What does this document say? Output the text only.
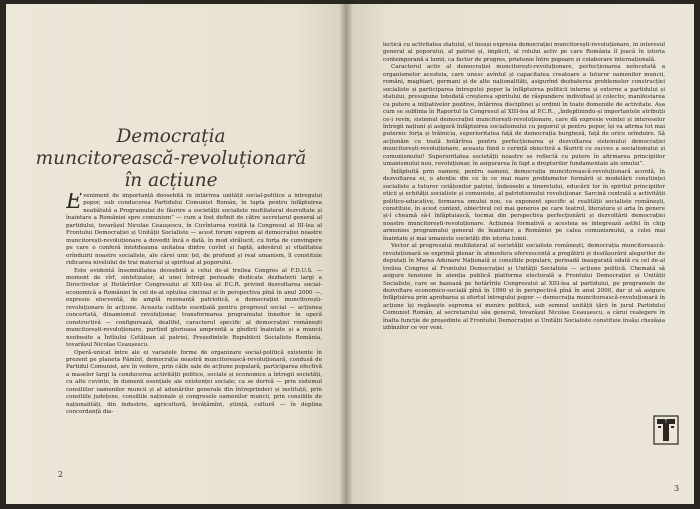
Democrația
muncitorească-revoluționară
în acțiune

Eveniment de importanță deosebită în întărirea unității social-politice a întregului popor, sub conducerea Partidului Comunist Român, în lupta pentru înfăptuirea neabătută a Programului de făurire a societății socialiste multilateral dezvoltate și înaintare a României spre comunism” — cum a fost definit de către secretarul general al partidului, tovarășul Nicolae Ceaușescu, în Cuvîntarea rostită la Congresul al III-lea al Frontului Democrației și Unității Socialiste — acest forum suprem al democrației noastre muncitorești-revoluționare a dovedit încă o dată, în mod strălucit, cu forța de convingere pe care o conferă întotdeauna unitatea dintre cuvînt și faptă, adevărul și vitalitatea orînduirii noastre socialiste, ale cărei unic țel, de profund și real umanism, îl constituie ridicarea nivelului de trai material și spiritual al poporului.

Este evidentă însemnătatea deosebită a celui de-al treilea Congres al F.D.U.S. — moment de vîrf, sintetizator, al unei întregi perioade dedicate dezbaterii largi a Directivelor și Hotărîrilor Congresului al XIII-lea al P.C.R. privind dezvoltarea social-economică a României în cel de-al optulea cincinal și în perspectiva pînă în anul 2000 —, expresie elocventă, de amplă rezonanță patriotică, a democrației muncitorești-revoluționare în acțiune. Aceasta calitate esențială pentru progresul social — acțiunea concertată, dinamismul revoluționar, transformarea programului înnoitor în operă constructivă — configurează, dealtfel, caracterul specific al democrației românești muncitorești-revoluționare, purtînd glorioasa amprentă a gîndirii înaintate și a muncii neobosite a Întîiului Cetățean al patriei, Președintele Republicii Socialiste România, tovarășul Nicolae Ceaușescu.

Operă-unicat între ale ei variatele forme de organizare social-politică existente în prezent pe planeta Pămînt, democrația noastră muncitorească-revoluționară, condusă de Partidul Comunist, are în vedere, prin căile sale de acțiune populară, participarea efectivă a maselor largi la conducerea activității politice, sociale și economice a întregii societăți, cu alte cuvinte, în domenii esențiale ale existenței sociale; ca se derivă — prin sistemul consiliilor oamenilor muncii și al adunărilor generale din întreprinderi și instituții, prin consiliile județene, consiliile naționale și congresele oamenilor muncii, prin consiliile de naționalități, din industrie, agricultură, învățămînt, știință, cultură — în deplina concordanță dia-

2

lectică cu activitatea statului, el însuși expresia democrației muncitorești-revoluționare, în interesul general al poporului, al patriei și, implicit, al rolului activ pe care România îl joacă în istoria contemporană a lumii, ca factor de progres, prietenie între popoare și colaborare internațională.

Caracterul activ al democrației muncitorești-revoluționare, perfecționarea neîncetată a organismelor acesteia, care unesc avîntul și capacitatea creatoare a tuturor oamenilor muncii, români, maghiari, germani și de alte naționalități, asigurînd dezbaterea problemelor construcției socialiste și participarea întregului popor la înfăptuirea politicii interne și externe a partidului și statului, presupune totodată creșterea spiritului de răspundere individual și colectiv, manifestarea cu putere a inițiativelor pozitive, întărirea disciplinei și ordinii în toate domeniile de activitate. Așa cum se sublinia în Raportul la Congresul al XIII-lea al P.C.R., „îndeplinindu-și importantele atribuții ce-i revin, sistemul democrației muncitorești-revoluționare, care dă expresie voinței și intereselor întregii națiuni și asigură înfăptuirea socialismului cu poporul și pentru popor, își va afirma tot mai puternic forța și trăinicia, superioritatea față de democrația burgheză, față de orice orînduire. Să acționăm cu toată hotărîrea pentru perfecționarea și dezvoltarea sistemului democrației muncitorești-revoluționare, aceasta fiind o cerință obiectivă a făuririi cu succes a socialismului și comunismului! Superioritatea societății noastre se reflectă cu putere în afirmarea principiilor umanismului nou, revoluționar, în asigurarea în fapt a drepturilor fundamentale ale omului”.

Înfăptuită prin oameni, pentru oameni, democrația muncitorească-revoluționară acordă, în dezvoltarea ei, o atenție din ce în ce mai mare problemelor formării și modelării conștiinței socialiste a tuturor cetățenilor patriei, îndeosebi a tineretului, educării lor în spiritul principiilor eticii și echității socialiste și comuniste, al patriotismului revoluționar. Sarcină centrală a activității politico-educative, formarea omului nou, ca exponent specific al realității socialiste românești, constituie, în acest context, obiectivul cel mai generos pe care teatrul, literatura și arta în genere și-l cheamă să-l înfăptuiască, tocmai din perspectiva perfecționării și dezvoltării democrației noastre muncitorești-revoluționare. Acțiunea formativă a acesteia se integrează astfel în chip armonios programului general de înaintare a României pe calea comunismului, a celei mai înaintate și mai umaniste societăți din istoria lumii.

Vector al progresului multilateral al societății socialiste românești, democrația muncitorească-revoluționară se exprimă plenar în atmosfera efervescentă a pregătirii și desfășurării alegerilor de deputați în Marea Adunare Națională și consiliile populare, perioadă inaugurată odată cu cel de-al treilea Congres al Frontului Democrației și Unității Socialiste — acțiune politică. Chemată să asigure tensiune în atenția publică platforma electorală a Frontului Democrației și Unității Socialiste, care se bazează pe hotărîrile Congresului al XIII-lea al partidului, pe programele de dezvoltare economico-socială pînă în 1990 și în perspectivă pînă în anul 2000, dar și să asigure înfăptuirea prin aprobarea și efortul întregului popor — democrația muncitorească-revoluționară în acțiune își regăsește suprema ei menire politică, sub semnul unității țării în jurul Partidului Comunist Român, al secretarului său general, tovarășul Nicolae Ceaușescu, a cărui realegere în înalta funcție de președinte al Frontului Democrației și Unității Socialiste constituie însăși chezășia izbînzilor ce vor veni.

T
3
